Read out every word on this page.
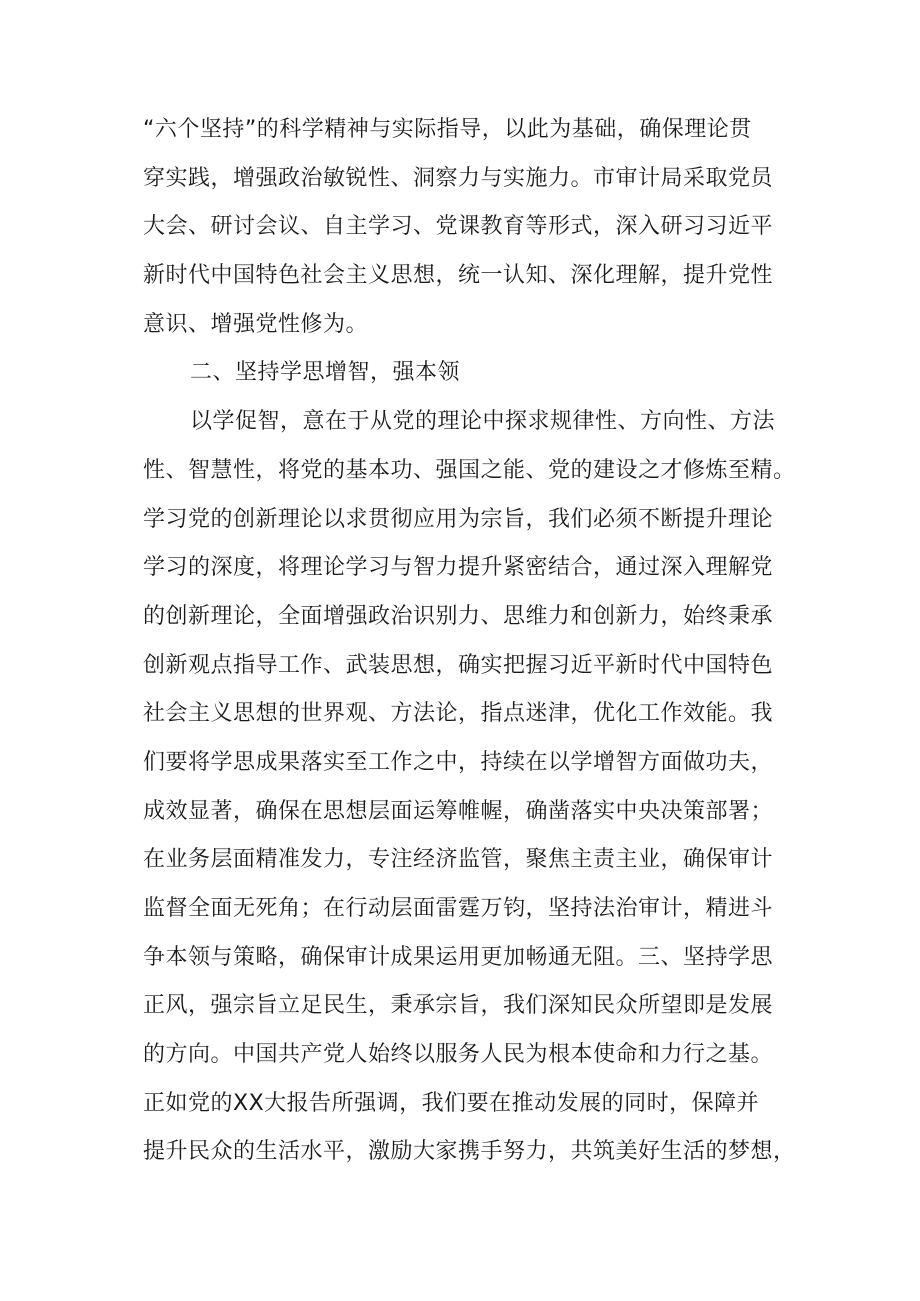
“六个坚持”的科学精神与实际指导，以此为基础，确保理论贯
穿实践，增强政治敏锐性、洞察力与实施力。市审计局采取党员
大会、研讨会议、自主学习、党课教育等形式，深入研习习近平
新时代中国特色社会主义思想，统一认知、深化理解，提升党性
意识、增强党性修为。
二、坚持学思增智，强本领
以学促智，意在于从党的理论中探求规律性、方向性、方法
性、智慧性，将党的基本功、强国之能、党的建设之才修炼至精。
学习党的创新理论以求贯彻应用为宗旨，我们必须不断提升理论
学习的深度，将理论学习与智力提升紧密结合，通过深入理解党
的创新理论，全面增强政治识别力、思维力和创新力，始终秉承
创新观点指导工作、武装思想，确实把握习近平新时代中国特色
社会主义思想的世界观、方法论，指点迷津，优化工作效能。我
们要将学思成果落实至工作之中，持续在以学增智方面做功夫，
成效显著，确保在思想层面运筹帷幄，确凿落实中央决策部署；
在业务层面精准发力，专注经济监管，聚焦主责主业，确保审计
监督全面无死角；在行动层面雷霆万钧，坚持法治审计，精进斗
争本领与策略，确保审计成果运用更加畅通无阻。三、坚持学思
正风，强宗旨立足民生，秉承宗旨，我们深知民众所望即是发展
的方向。中国共产党人始终以服务人民为根本使命和力行之基。
正如党的XX大报告所强调，我们要在推动发展的同时，保障并
提升民众的生活水平，激励大家携手努力，共筑美好生活的梦想，
